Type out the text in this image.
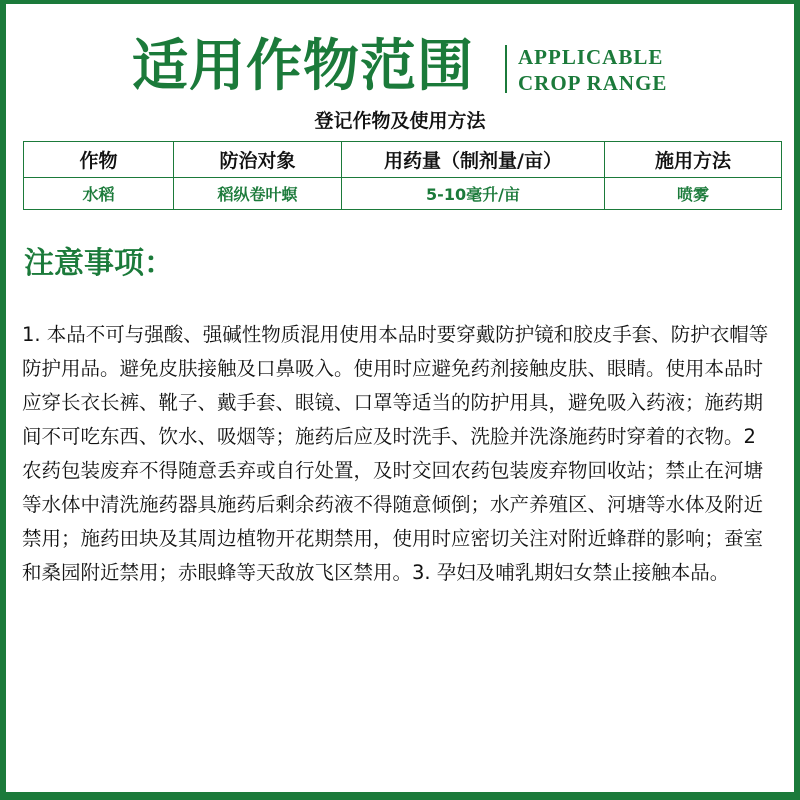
适用作物范围 APPLICABLE
CROP RANGE
登记作物及使用方法
作物	防治对象	用药量（制剂量/亩）	施用方法
水稻	稻纵卷叶螟	5-10毫升/亩	喷雾
注意事项：
1. 本品不可与强酸、强碱性物质混用使用本品时要穿戴防护镜和胶皮手套、防护衣帽等防护用品。避免皮肤接触及口鼻吸入。使用时应避免药剂接触皮肤、眼睛。使用本品时应穿长衣长裤、靴子、戴手套、眼镜、口罩等适当的防护用具，避免吸入药液；施药期间不可吃东西、饮水、吸烟等；施药后应及时洗手、洗脸并洗涤施药时穿着的衣物。2 农药包装废弃不得随意丢弃或自行处置，及时交回农药包装废弃物回收站；禁止在河塘等水体中清洗施药器具施药后剩余药液不得随意倾倒；水产养殖区、河塘等水体及附近禁用；施药田块及其周边植物开花期禁用，使用时应密切关注对附近蜂群的影响；蚕室和桑园附近禁用；赤眼蜂等天敌放飞区禁用。3. 孕妇及哺乳期妇女禁止接触本品。
